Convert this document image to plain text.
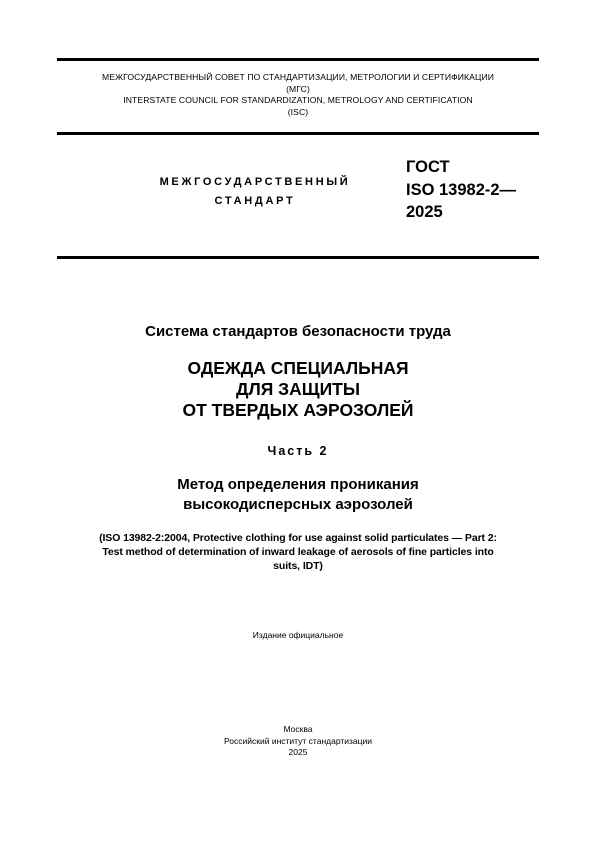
МЕЖГОСУДАРСТВЕННЫЙ СОВЕТ ПО СТАНДАРТИЗАЦИИ, МЕТРОЛОГИИ И СЕРТИФИКАЦИИ
(МГС)
INTERSTATE COUNCIL FOR STANDARDIZATION, METROLOGY AND CERTIFICATION
(ISC)
МЕЖГОСУДАРСТВЕННЫЙ
СТАНДАРТ
ГОСТ
ISO 13982-2—
2025
Система стандартов безопасности труда
ОДЕЖДА СПЕЦИАЛЬНАЯ
ДЛЯ ЗАЩИТЫ
ОТ ТВЕРДЫХ АЭРОЗОЛЕЙ
Часть 2
Метод определения проникания
высокодисперсных аэрозолей
(ISO 13982-2:2004, Protective clothing for use against solid particulates — Part 2:
Test method of determination of inward leakage of aerosols of fine particles into
suits, IDT)
Издание официальное
Москва
Российский институт стандартизации
2025
